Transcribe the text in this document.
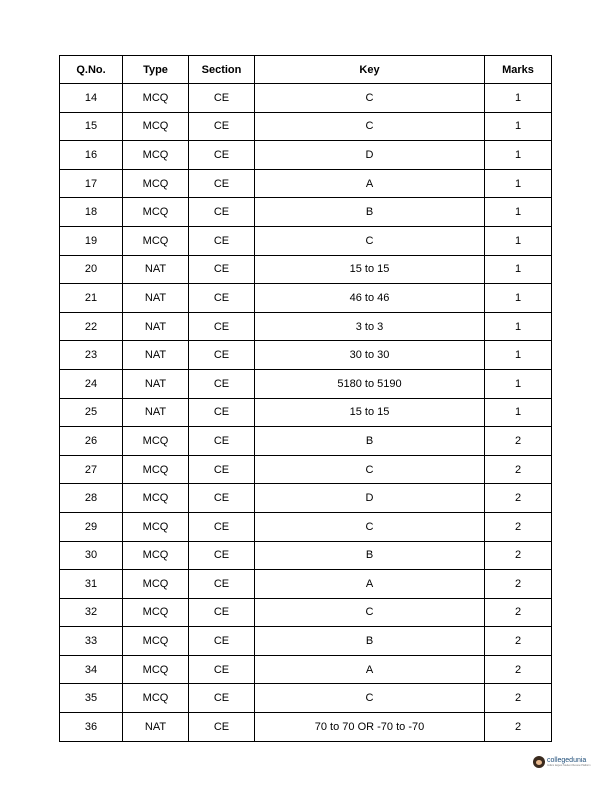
Q.No.	Type	Section	Key	Marks
14	MCQ	CE	C	1
15	MCQ	CE	C	1
16	MCQ	CE	D	1
17	MCQ	CE	A	1
18	MCQ	CE	B	1
19	MCQ	CE	C	1
20	NAT	CE	15 to 15	1
21	NAT	CE	46 to 46	1
22	NAT	CE	3 to 3	1
23	NAT	CE	30 to 30	1
24	NAT	CE	5180 to 5190	1
25	NAT	CE	15 to 15	1
26	MCQ	CE	B	2
27	MCQ	CE	C	2
28	MCQ	CE	D	2
29	MCQ	CE	C	2
30	MCQ	CE	B	2
31	MCQ	CE	A	2
32	MCQ	CE	C	2
33	MCQ	CE	B	2
34	MCQ	CE	A	2
35	MCQ	CE	C	2
36	NAT	CE	70 to 70 OR -70 to -70	2
collegedunia
India's largest Student Review Platform
